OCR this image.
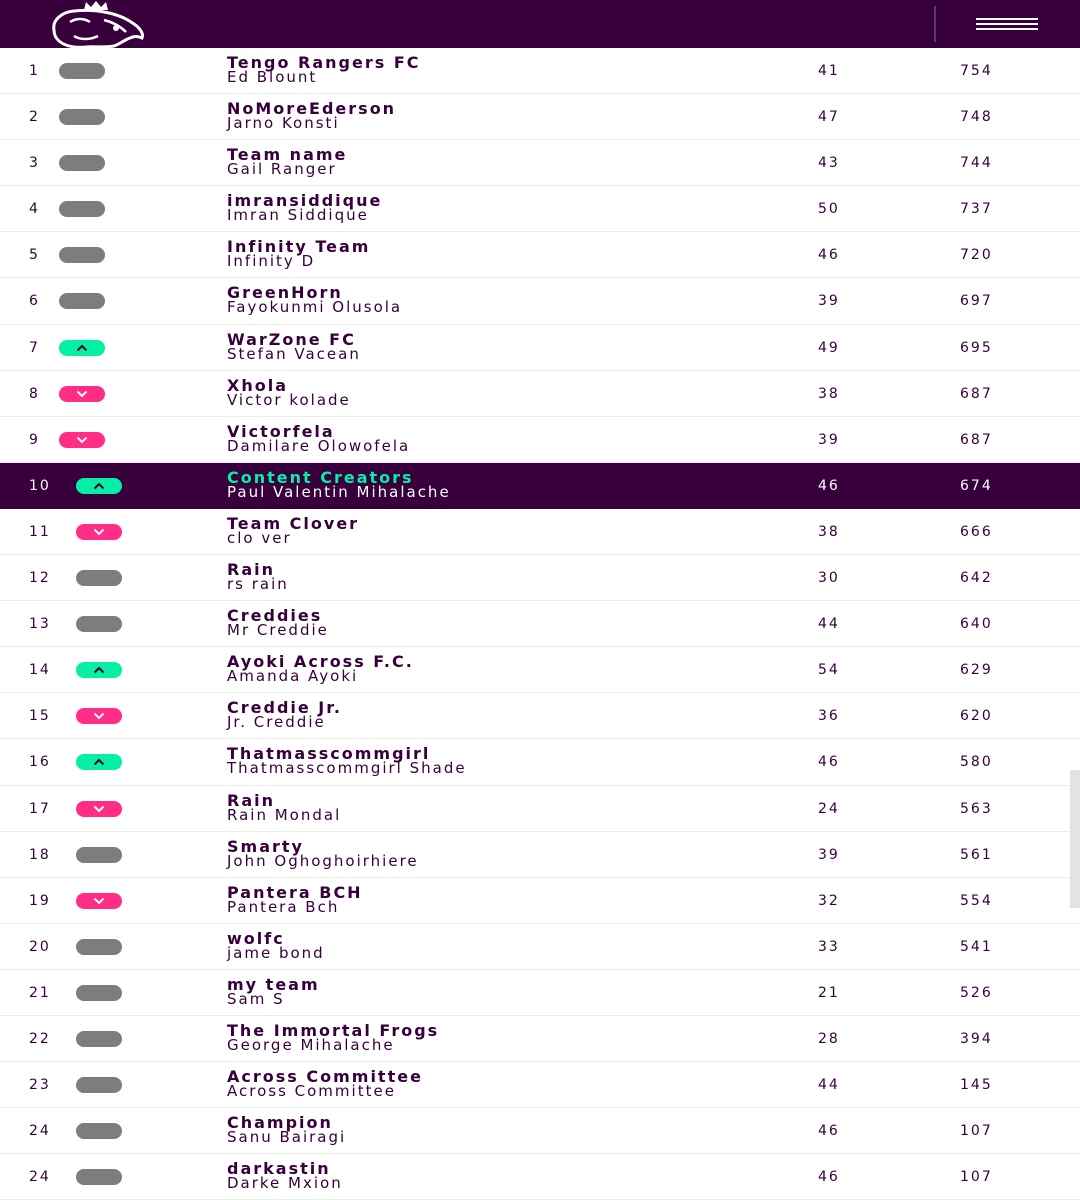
1	Tengo Rangers FC
Ed Blount	41	754
2	NoMoreEderson
Jarno Konsti	47	748
3	Team name
Gail Ranger	43	744
4	imransiddique
Imran Siddique	50	737
5	Infinity Team
Infinity D	46	720
6	GreenHorn
Fayokunmi Olusola	39	697
7	WarZone FC
Stefan Vacean	49	695
8	Xhola
Victor kolade	38	687
9	Victorfela
Damilare Olowofela	39	687
10	Content Creators
Paul Valentin Mihalache	46	674
11	Team Clover
clo ver	38	666
12	Rain
rs rain	30	642
13	Creddies
Mr Creddie	44	640
14	Ayoki Across F.C.
Amanda Ayoki	54	629
15	Creddie Jr.
Jr. Creddie	36	620
16	Thatmasscommgirl
Thatmasscommgirl Shade	46	580
17	Rain
Rain Mondal	24	563
18	Smarty
John Oghoghoirhiere	39	561
19	Pantera BCH
Pantera Bch	32	554
20	wolfc
jame bond	33	541
21	my team
Sam S	21	526
22	The Immortal Frogs
George Mihalache	28	394
23	Across Committee
Across Committee	44	145
24	Champion
Sanu Bairagi	46	107
24	darkastin
Darke Mxion	46	107
